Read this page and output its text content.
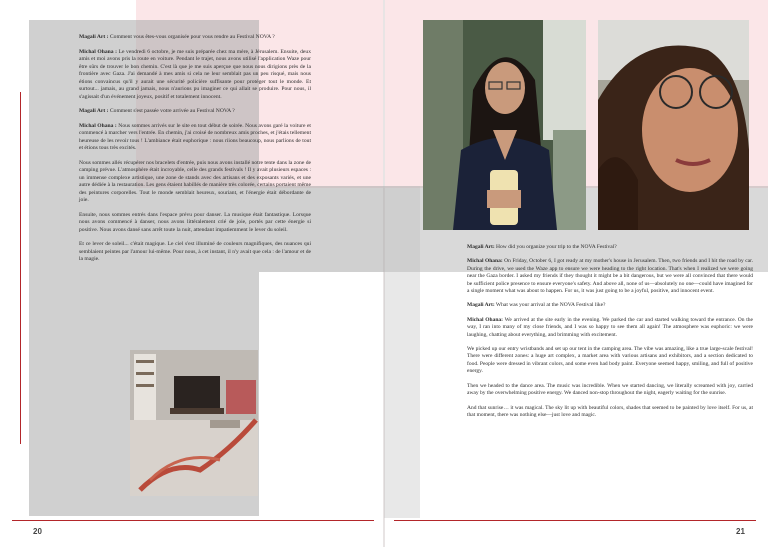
Magali Art : Comment vous êtes-vous organisée pour vous rendre au Festival NOVA ?

Michal Ohana : Le vendredi 6 octobre, je me suis préparée chez ma mère, à Jérusalem. Ensuite, deux amis et moi avons pris la route en voiture. Pendant le trajet, nous avons utilisé l'application Waze pour être sûrs de trouver le bon chemin. C'est là que je me suis aperçue que nous nous dirigions près de la frontière avec Gaza. J'ai demandé à mes amis si cela ne leur semblait pas un peu risqué, mais nous étions convaincus qu'il y aurait une sécurité policière suffisante pour protéger tout le monde. Et surtout... jamais, au grand jamais, nous n'aurions pu imaginer ce qui allait se produire. Pour nous, il s'agissait d'un événement joyeux, positif et totalement innocent.

Magali Art : Comment s'est passée votre arrivée au Festival NOVA ?

Michal Ohana : Nous sommes arrivés sur le site en tout début de soirée. Nous avons garé la voiture et commencé à marcher vers l'entrée. En chemin, j'ai croisé de nombreux amis proches, et j'étais tellement heureuse de les revoir tous ! L'ambiance était euphorique : nous riions beaucoup, nous parlions de tout et étions tous très excités.

Nous sommes allés récupérer nos bracelets d'entrée, puis nous avons installé notre tente dans la zone de camping prévue. L'atmosphère était incroyable, celle des grands festivals ! Il y avait plusieurs espaces : un immense complexe artistique, une zone de stands avec des artisans et des exposants variés, et une autre dédiée à la restauration. Les gens étaient habillés de manière très colorée, certains portaient même des peintures corporelles. Tout le monde semblait heureux, souriant, et l'énergie était débordante de joie.

Ensuite, nous sommes entrés dans l'espace prévu pour danser. La musique était fantastique. Lorsque nous avons commencé à danser, nous avons littéralement crié de joie, portés par cette énergie si positive. Nous avons dansé sans arrêt toute la nuit, attendant impatiemment le lever du soleil.

Et ce lever de soleil... c'était magique. Le ciel s'est illuminé de couleurs magnifiques, des nuances qui semblaient peintes par l'amour lui-même. Pour nous, à cet instant, il n'y avait que cela : de l'amour et de la magie.

Magali Art: How did you organize your trip to the NOVA Festival?

Michal Ohana: On Friday, October 6, I got ready at my mother's house in Jerusalem. Then, two friends and I hit the road by car. During the drive, we used the Waze app to ensure we were heading to the right location. That's when I realized we were going near the Gaza border. I asked my friends if they thought it might be a bit dangerous, but we were all convinced that there would be sufficient police presence to ensure everyone's safety. And above all, none of us—absolutely no one—could have imagined for a single moment what was about to happen. For us, it was just going to be a joyful, positive, and innocent event.

Magali Art: What was your arrival at the NOVA Festival like?

Michal Ohana: We arrived at the site early in the evening. We parked the car and started walking toward the entrance. On the way, I ran into many of my close friends, and I was so happy to see them all again! The atmosphere was euphoric: we were laughing, chatting about everything, and brimming with excitement.

We picked up our entry wristbands and set up our tent in the camping area. The vibe was amazing, like a true large-scale festival! There were different zones: a huge art complex, a market area with various artisans and exhibitors, and a section dedicated to food. People were dressed in vibrant colors, and some even had body paint. Everyone seemed happy, smiling, and full of positive energy.

Then we headed to the dance area. The music was incredible. When we started dancing, we literally screamed with joy, carried away by the overwhelming positive energy. We danced non-stop throughout the night, eagerly waiting for the sunrise.

And that sunrise… it was magical. The sky lit up with beautiful colors, shades that seemed to be painted by love itself. For us, at that moment, there was nothing else—just love and magic.

20	21
